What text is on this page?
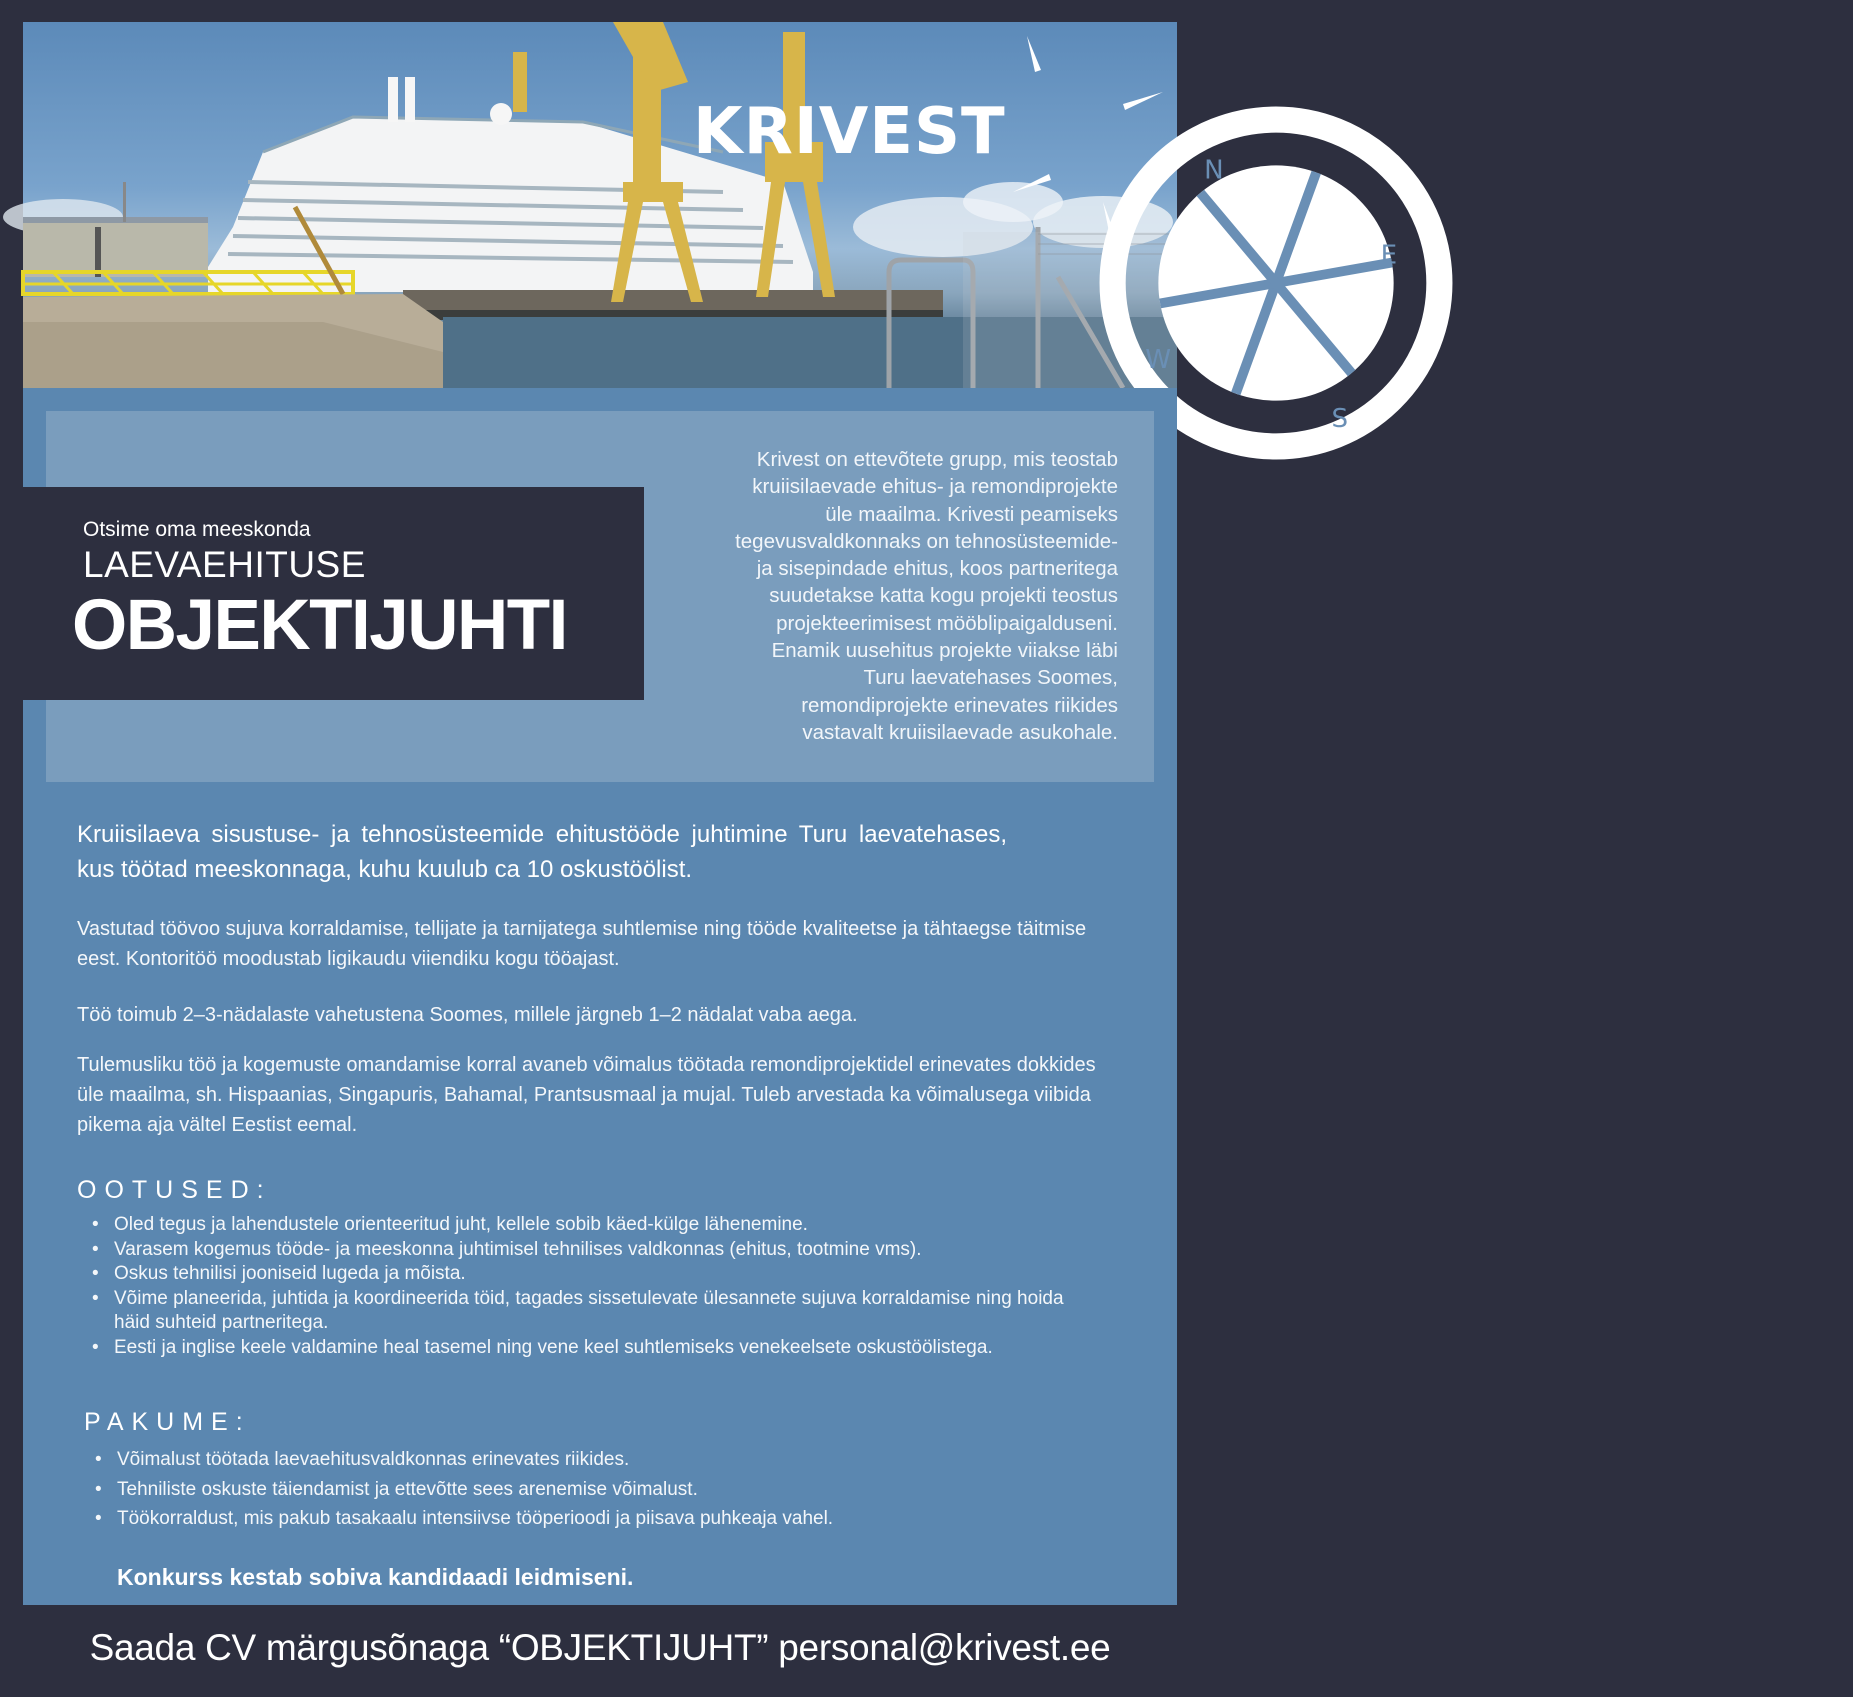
KRIVEST
N
E
S
W
Otsime oma meeskonda
LAEVAEHITUSE
OBJEKTIJUHTI
Krivest on ettevõtete grupp, mis teostab
kruiisilaevade ehitus- ja remondiprojekte
üle maailma. Krivesti peamiseks
tegevusvaldkonnaks on tehnosüsteemide-
ja sisepindade ehitus, koos partneritega
suudetakse katta kogu projekti teostus
projekteerimisest mööblipaigalduseni.
Enamik uusehitus projekte viiakse läbi
Turu laevatehases Soomes,
remondiprojekte erinevates riikides
vastavalt kruiisilaevade asukohale.

Kruiisilaeva sisustuse- ja tehnosüsteemide ehitustööde juhtimine Turu laevatehases, kus töötad meeskonnaga, kuhu kuulub ca 10 oskustöölist.

Vastutad töövoo sujuva korraldamise, tellijate ja tarnijatega suhtlemise ning tööde kvaliteetse ja tähtaegse täitmise eest. Kontoritöö moodustab ligikaudu viiendiku kogu tööajast.

Töö toimub 2–3-nädalaste vahetustena Soomes, millele järgneb 1–2 nädalat vaba aega.

Tulemusliku töö ja kogemuste omandamise korral avaneb võimalus töötada remondiprojektidel erinevates dokkides üle maailma, sh. Hispaanias, Singapuris, Bahamal, Prantsusmaal ja mujal. Tuleb arvestada ka võimalusega viibida pikema aja vältel Eestist eemal.

OOTUSED:
• Oled tegus ja lahendustele orienteeritud juht, kellele sobib käed-külge lähenemine.
• Varasem kogemus tööde- ja meeskonna juhtimisel tehnilises valdkonnas (ehitus, tootmine vms).
• Oskus tehnilisi jooniseid lugeda ja mõista.
• Võime planeerida, juhtida ja koordineerida töid, tagades sissetulevate ülesannete sujuva korraldamise ning hoida häid suhteid partneritega.
• Eesti ja inglise keele valdamine heal tasemel ning vene keel suhtlemiseks venekeelsete oskustöölistega.
PAKUME:
• Võimalust töötada laevaehitusvaldkonnas erinevates riikides.
• Tehniliste oskuste täiendamist ja ettevõtte sees arenemise võimalust.
• Töökorraldust, mis pakub tasakaalu intensiivse tööperioodi ja piisava puhkeaja vahel.
Konkurss kestab sobiva kandidaadi leidmiseni.
Saada CV märgusõnaga “OBJEKTIJUHT” personal@krivest.ee
